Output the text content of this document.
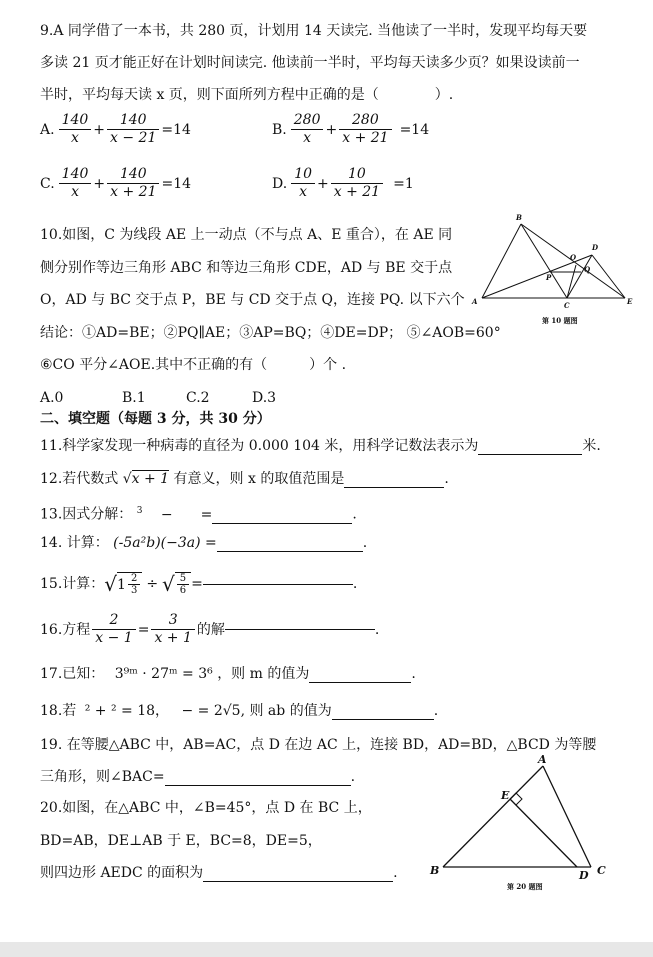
9.A 同学借了一本书，共 280 页，计划用 14 天读完. 当他读了一半时，发现平均每天要
多读 21 页才能正好在计划时间读完. 他读前一半时，平均每天读多少页？如果设读前一
半时，平均每天读 x 页，则下面所列方程中正确的是（　　　　）.
A. $\frac{140}{x} + \frac{140}{x - 21} =14$	B. $\frac{280}{x} + \frac{280}{x + 21} =14$
C. $\frac{140}{x} + \frac{140}{x + 21} =14$	D. $\frac{10}{x} + \frac{10}{x + 21} =1$
10.如图，C 为线段 AE 上一动点（不与点 A、E 重合），在 AE 同
侧分别作等边三角形 ABC 和等边三角形 CDE，AD 与 BE 交于点
O，AD 与 BC 交于点 P，BE 与 CD 交于点 Q，连接 PQ. 以下六个
结论：①AD=BE；②PQ∥AE；③AP=BQ；④DE=DP； ⑤∠AOB=60°
⑥CO 平分∠AOE.其中不正确的有（　　　）个 .
B
D
O
Q
P
A	C	E
第 10 题图
A.0	B.1	C.2	D.3
二、填空题（每题 3 分，共 30 分）
11.科学家发现一种病毒的直径为 0.000 104 米，用科学记数法表示为	米.
12.若代数式 √x + 1 有意义，则 x 的取值范围是	.
13.因式分解： $^3$ −　　=	.
14. 计算： (-5a²b)(−3a) =	.
15.计算： √ $1 \frac{2}{3}$ ÷ √ $\frac{5}{6}$ =	.
16.方程 $\frac{2}{x - 1} = \frac{3}{x + 1}$ 的解	.
17.已知： 3⁹ᵐ · 27ᵐ = 3⁶ ，则 m 的值为	.
18.若 ² + ² = 18， − = 2√5, 则 ab 的值为	.
19. 在等腰△ABC 中，AB=AC，点 D 在边 AC 上，连接 BD，AD=BD，△BCD 为等腰
三角形，则∠BAC=	.
20.如图，在△ABC 中，∠B=45°，点 D 在 BC 上，
BD=AB，DE⊥AB 于 E，BC=8，DE=5，
则四边形 AEDC 的面积为	.
A
E
B	D C
第 20 题图
